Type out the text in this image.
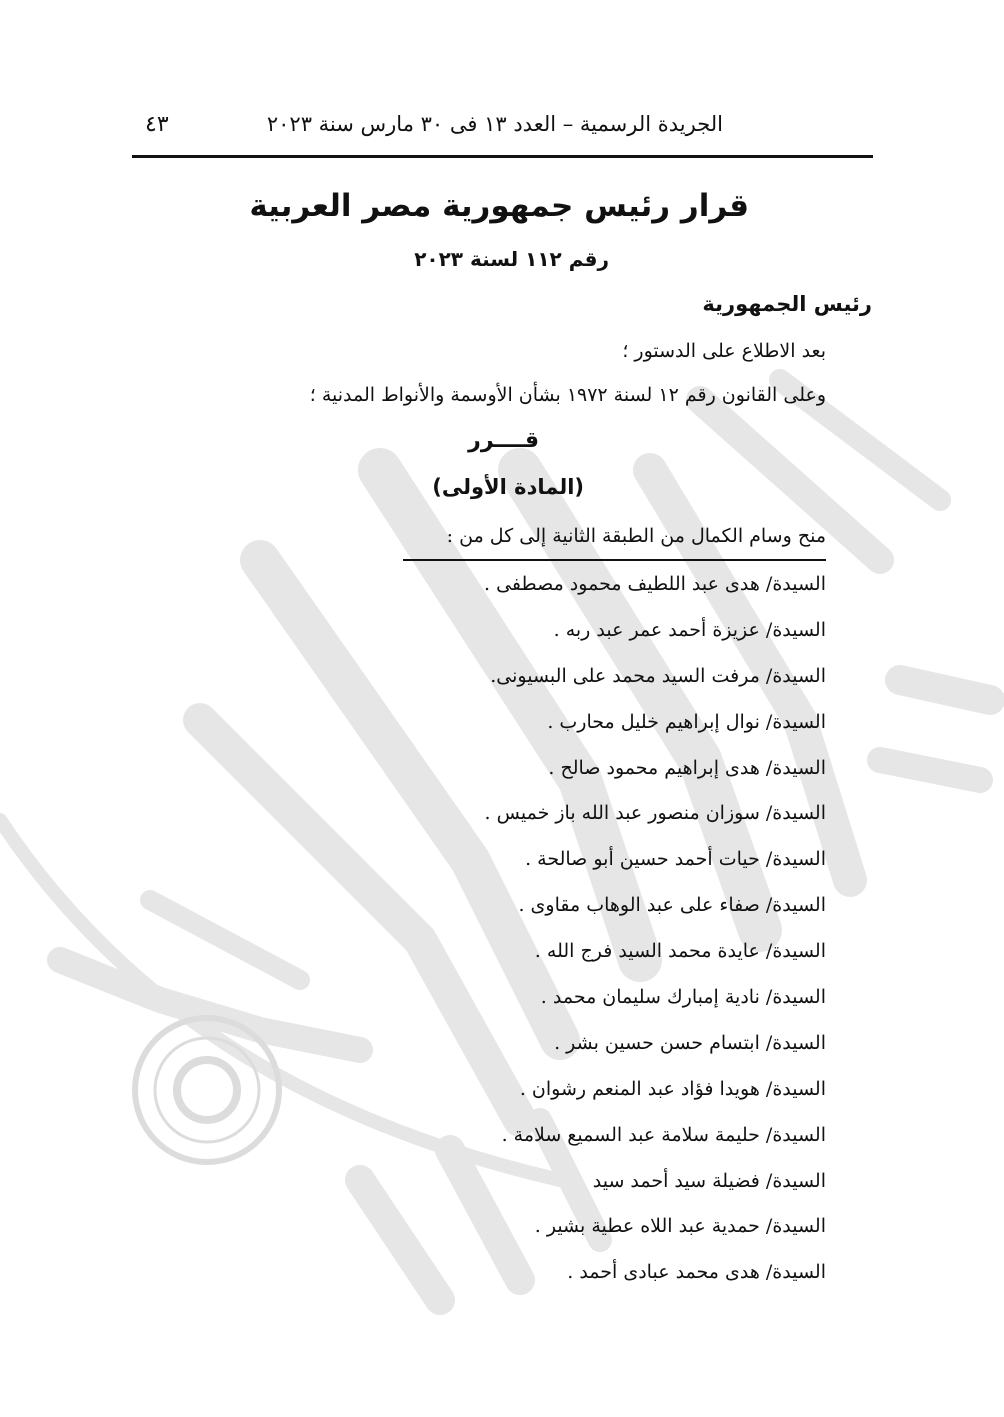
٤٣	الجريدة الرسمية – العدد ١٣ فى ٣٠ مارس سنة ٢٠٢٣
قرار رئيس جمهورية مصر العربية
رقم ١١٢ لسنة ٢٠٢٣
رئيس الجمهورية
بعد الاطلاع على الدستور ؛
وعلى القانون رقم ١٢ لسنة ١٩٧٢ بشأن الأوسمة والأنواط المدنية ؛
قــــرر
(المادة الأولى)
منح وسام الكمال من الطبقة الثانية إلى كل من :
السيدة/ هدى عبد اللطيف محمود مصطفى .
السيدة/ عزيزة أحمد عمر عبد ربه .
السيدة/ مرفت السيد محمد على البسيونى.
السيدة/ نوال إبراهيم خليل محارب .
السيدة/ هدى إبراهيم محمود صالح .
السيدة/ سوزان منصور عبد الله باز خميس .
السيدة/ حيات أحمد حسين أبو صالحة .
السيدة/ صفاء على عبد الوهاب مقاوى .
السيدة/ عايدة محمد السيد فرج الله .
السيدة/ نادية إمبارك سليمان محمد .
السيدة/ ابتسام حسن حسين بشر .
السيدة/ هويدا فؤاد عبد المنعم رشوان .
السيدة/ حليمة سلامة عبد السميع سلامة .
السيدة/ فضيلة سيد أحمد سيد
السيدة/ حمدية عبد اللاه عطية بشير .
السيدة/ هدى محمد عبادى أحمد .
